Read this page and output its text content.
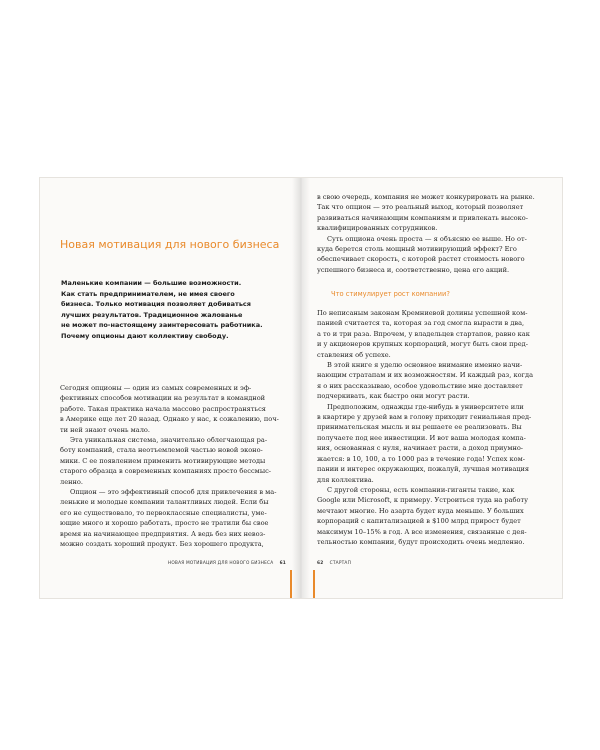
Новая мотивация для нового бизнеса
Маленькие компании — большие возможности.
Как стать предпринимателем, не имея своего
бизнеса. Только мотивация позволяет добиваться
лучших результатов. Традиционное жалованье
не может по-настоящему заинтересовать работника.
Почему опционы дают коллективу свободу.
Сегодня опционы — один из самых современных и эф-
фективных способов мотивации на результат в командной
работе. Такая практика начала массово распространяться
в Америке еще лет 20 назад. Однако у нас, к сожалению, поч-
ти ней знают очень мало.
Эта уникальная система, значительно облегчающая ра-
боту компаний, стала неотъемлемой частью новой эконо-
мики. С ее появлением применить мотивирующие методы
старого образца в современных компаниях просто бессмыс-
ленно.
Опцион — это эффективный способ для привлечения в ма-
ленькие и молодые компании талантливых людей. Если бы
его не существовало, то первоклассные специалисты, уме-
ющие много и хорошо работать, просто не тратили бы свое
время на начинающее предприятия. А ведь без них невоз-
можно создать хороший продукт. Без хорошего продукта,
НОВАЯ МОТИВАЦИЯ ДЛЯ НОВОГО БИЗНЕСА 61
в свою очередь, компания не может конкурировать на рынке.
Так что опцион — это реальный выход, который позволяет
развиваться начинающим компаниям и привлекать высоко-
квалифицированных сотрудников.
Суть опциона очень проста — я объясню ее выше. Но от-
куда берется столь мощный мотивирующий эффект? Его
обеспечивает скорость, с которой растет стоимость нового
успешного бизнеса и, соответственно, цена его акций.
Что стимулирует рост компании?
По неписаным законам Кремниевой долины успешной ком-
панией считается та, которая за год смогла вырасти в два,
а то и три раза. Впрочем, у владельцев стартапов, равно как
и у акционеров крупных корпораций, могут быть свои пред-
ставления об успехе.
В этой книге я уделю основное внимание именно начи-
нающим стратапам и их возможностям. И каждый раз, когда
я о них рассказываю, особое удовольствие мне доставляет
подчеркивать, как быстро они могут расти.
Предположим, однажды где-нибудь в университете или
в квартире у друзей вам в голову приходит гениальная пред-
принимательская мысль и вы решаете ее реализовать. Вы
получаете под нее инвестиции. И вот ваша молодая компа-
ния, основанная с нуля, начинает расти, а доход приумно-
жается: в 10, 100, а то 1000 раз в течение года! Успех ком-
пании и интерес окружающих, пожалуй, лучшая мотивация
для коллектива.
С другой стороны, есть компании-гиганты такие, как
Google или Microsoft, к примеру. Устроиться туда на работу
мечтают многие. Но азарта будет куда меньше. У больших
корпораций с капитализацией в $100 млрд прирост будет
максимум 10–15% в год. А все изменения, связанные с дея-
тельностью компании, будут происходить очень медленно.
62 СТАРТАП
